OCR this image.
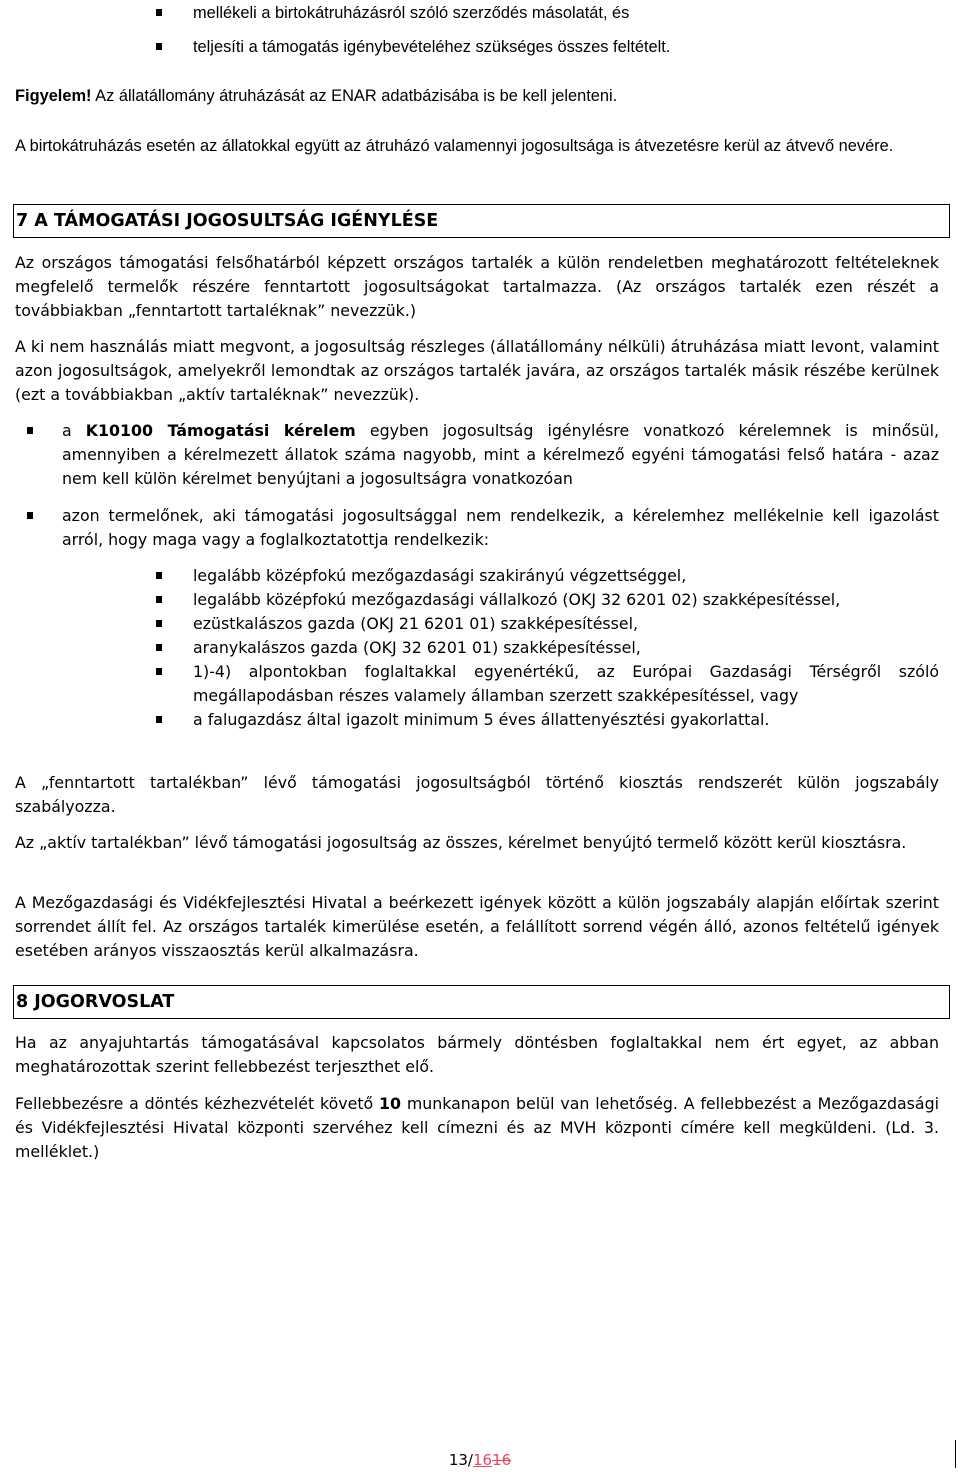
mellékeli a birtokátruházásról szóló szerződés másolatát, és
teljesíti a támogatás igénybevételéhez szükséges összes feltételt.
Figyelem! Az állatállomány átruházását az ENAR adatbázisába is be kell jelenteni.
A birtokátruházás esetén az állatokkal együtt az átruházó valamennyi jogosultsága is átvezetésre kerül az átvevő nevére.
7 A TÁMOGATÁSI JOGOSULTSÁG IGÉNYLÉSE
Az országos támogatási felsőhatárból képzett országos tartalék a külön rendeletben meghatározott feltételeknek megfelelő termelők részére fenntartott jogosultságokat tartalmazza. (Az országos tartalék ezen részét a továbbiakban „fenntartott tartaléknak” nevezzük.)
A ki nem használás miatt megvont, a jogosultság részleges (állatállomány nélküli) átruházása miatt levont, valamint azon jogosultságok, amelyekről lemondtak az országos tartalék javára, az országos tartalék másik részébe kerülnek (ezt a továbbiakban „aktív tartaléknak” nevezzük).
a K10100 Támogatási kérelem egyben jogosultság igénylésre vonatkozó kérelemnek is minősül, amennyiben a kérelmezett állatok száma nagyobb, mint a kérelmező egyéni támogatási felső határa - azaz nem kell külön kérelmet benyújtani a jogosultságra vonatkozóan
azon termelőnek, aki támogatási jogosultsággal nem rendelkezik, a kérelemhez mellékelnie kell igazolást arról, hogy maga vagy a foglalkoztatottja rendelkezik:
legalább középfokú mezőgazdasági szakirányú végzettséggel,
legalább középfokú mezőgazdasági vállalkozó (OKJ 32 6201 02) szakképesítéssel,
ezüstkalászos gazda (OKJ 21 6201 01) szakképesítéssel,
aranykalászos gazda (OKJ 32 6201 01) szakképesítéssel,
1)-4) alpontokban foglaltakkal egyenértékű, az Európai Gazdasági Térségről szóló megállapodásban részes valamely államban szerzett szakképesítéssel, vagy
a falugazdász által igazolt minimum 5 éves állattenyésztési gyakorlattal.
A „fenntartott tartalékban” lévő támogatási jogosultságból történő kiosztás rendszerét külön jogszabály szabályozza.
Az „aktív tartalékban” lévő támogatási jogosultság az összes, kérelmet benyújtó termelő között kerül kiosztásra.
A Mezőgazdasági és Vidékfejlesztési Hivatal a beérkezett igények között a külön jogszabály alapján előírtak szerint sorrendet állít fel. Az országos tartalék kimerülése esetén, a felállított sorrend végén álló, azonos feltételű igények esetében arányos visszaosztás kerül alkalmazásra.
8 JOGORVOSLAT
Ha az anyajuhtartás támogatásával kapcsolatos bármely döntésben foglaltakkal nem ért egyet, az abban meghatározottak szerint fellebbezést terjeszthet elő.
Fellebbezésre a döntés kézhezvételét követő 10 munkanapon belül van lehetőség. A fellebbezést a Mezőgazdasági és Vidékfejlesztési Hivatal központi szervéhez kell címezni és az MVH központi címére kell megküldeni. (Ld. 3. melléklet.)
13/1616
